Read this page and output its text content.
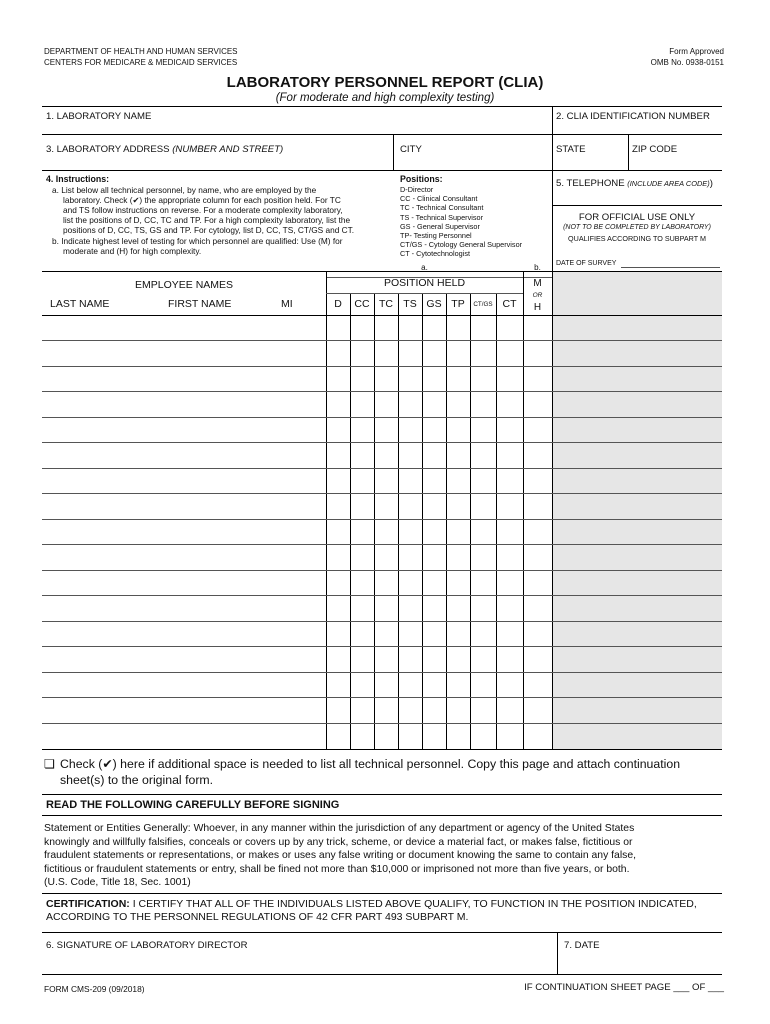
DEPARTMENT OF HEALTH AND HUMAN SERVICES
CENTERS FOR MEDICARE & MEDICAID SERVICES
Form Approved
OMB No. 0938-0151
LABORATORY PERSONNEL REPORT (CLIA)
(For moderate and high complexity testing)
1. LABORATORY NAME	2. CLIA IDENTIFICATION NUMBER
3. LABORATORY ADDRESS (NUMBER AND STREET)	CITY	STATE	ZIP CODE
4. Instructions:
a. List below all technical personnel, by name, who are employed by the
laboratory. Check (✔) the appropriate column for each position held. For TC
and TS follow instructions on reverse. For a moderate complexity laboratory,
list the positions of D, CC, TC and TP. For a high complexity laboratory, list the
positions of D, CC, TS, GS and TP. For cytology, list D, CC, TS, CT/GS and CT.
b. Indicate highest level of testing for which personnel are qualified: Use (M) for
moderate and (H) for high complexity.
Positions:
D-Director
CC - Clinical Consultant
TC - Technical Consultant
TS - Technical Supervisor
GS - General Supervisor
TP- Testing Personnel
CT/GS - Cytology General Supervisor
CT - Cytotechnologist
5. TELEPHONE (INCLUDE AREA CODE))
FOR OFFICIAL USE ONLY
(NOT TO BE COMPLETED BY LABORATORY)
QUALIFIES ACCORDING TO SUBPART M
DATE OF SURVEY
a.	b.
EMPLOYEE NAMES	POSITION HELD
LAST NAME	FIRST NAME	MI	D	CC TC TS GS TP	CT/GS CT
M
OR
H
❏ Check (✔) here if additional space is needed to list all technical personnel. Copy this page and attach continuation
sheet(s) to the original form.
READ THE FOLLOWING CAREFULLY BEFORE SIGNING
Statement or Entities Generally: Whoever, in any manner within the jurisdiction of any department or agency of the United States
knowingly and willfully falsifies, conceals or covers up by any trick, scheme, or device a material fact, or makes false, fictitious or
fraudulent statements or representations, or makes or uses any false writing or document knowing the same to contain any false,
fictitious or fraudulent statements or entry, shall be fined not more than $10,000 or imprisoned not more than five years, or both.
(U.S. Code, Title 18, Sec. 1001)
CERTIFICATION: I CERTIFY THAT ALL OF THE INDIVIDUALS LISTED ABOVE QUALIFY, TO FUNCTION IN THE POSITION INDICATED,
ACCORDING TO THE PERSONNEL REGULATIONS OF 42 CFR PART 493 SUBPART M.
6. SIGNATURE OF LABORATORY DIRECTOR	7. DATE
FORM CMS-209 (09/2018)	IF CONTINUATION SHEET PAGE ___ OF ___
